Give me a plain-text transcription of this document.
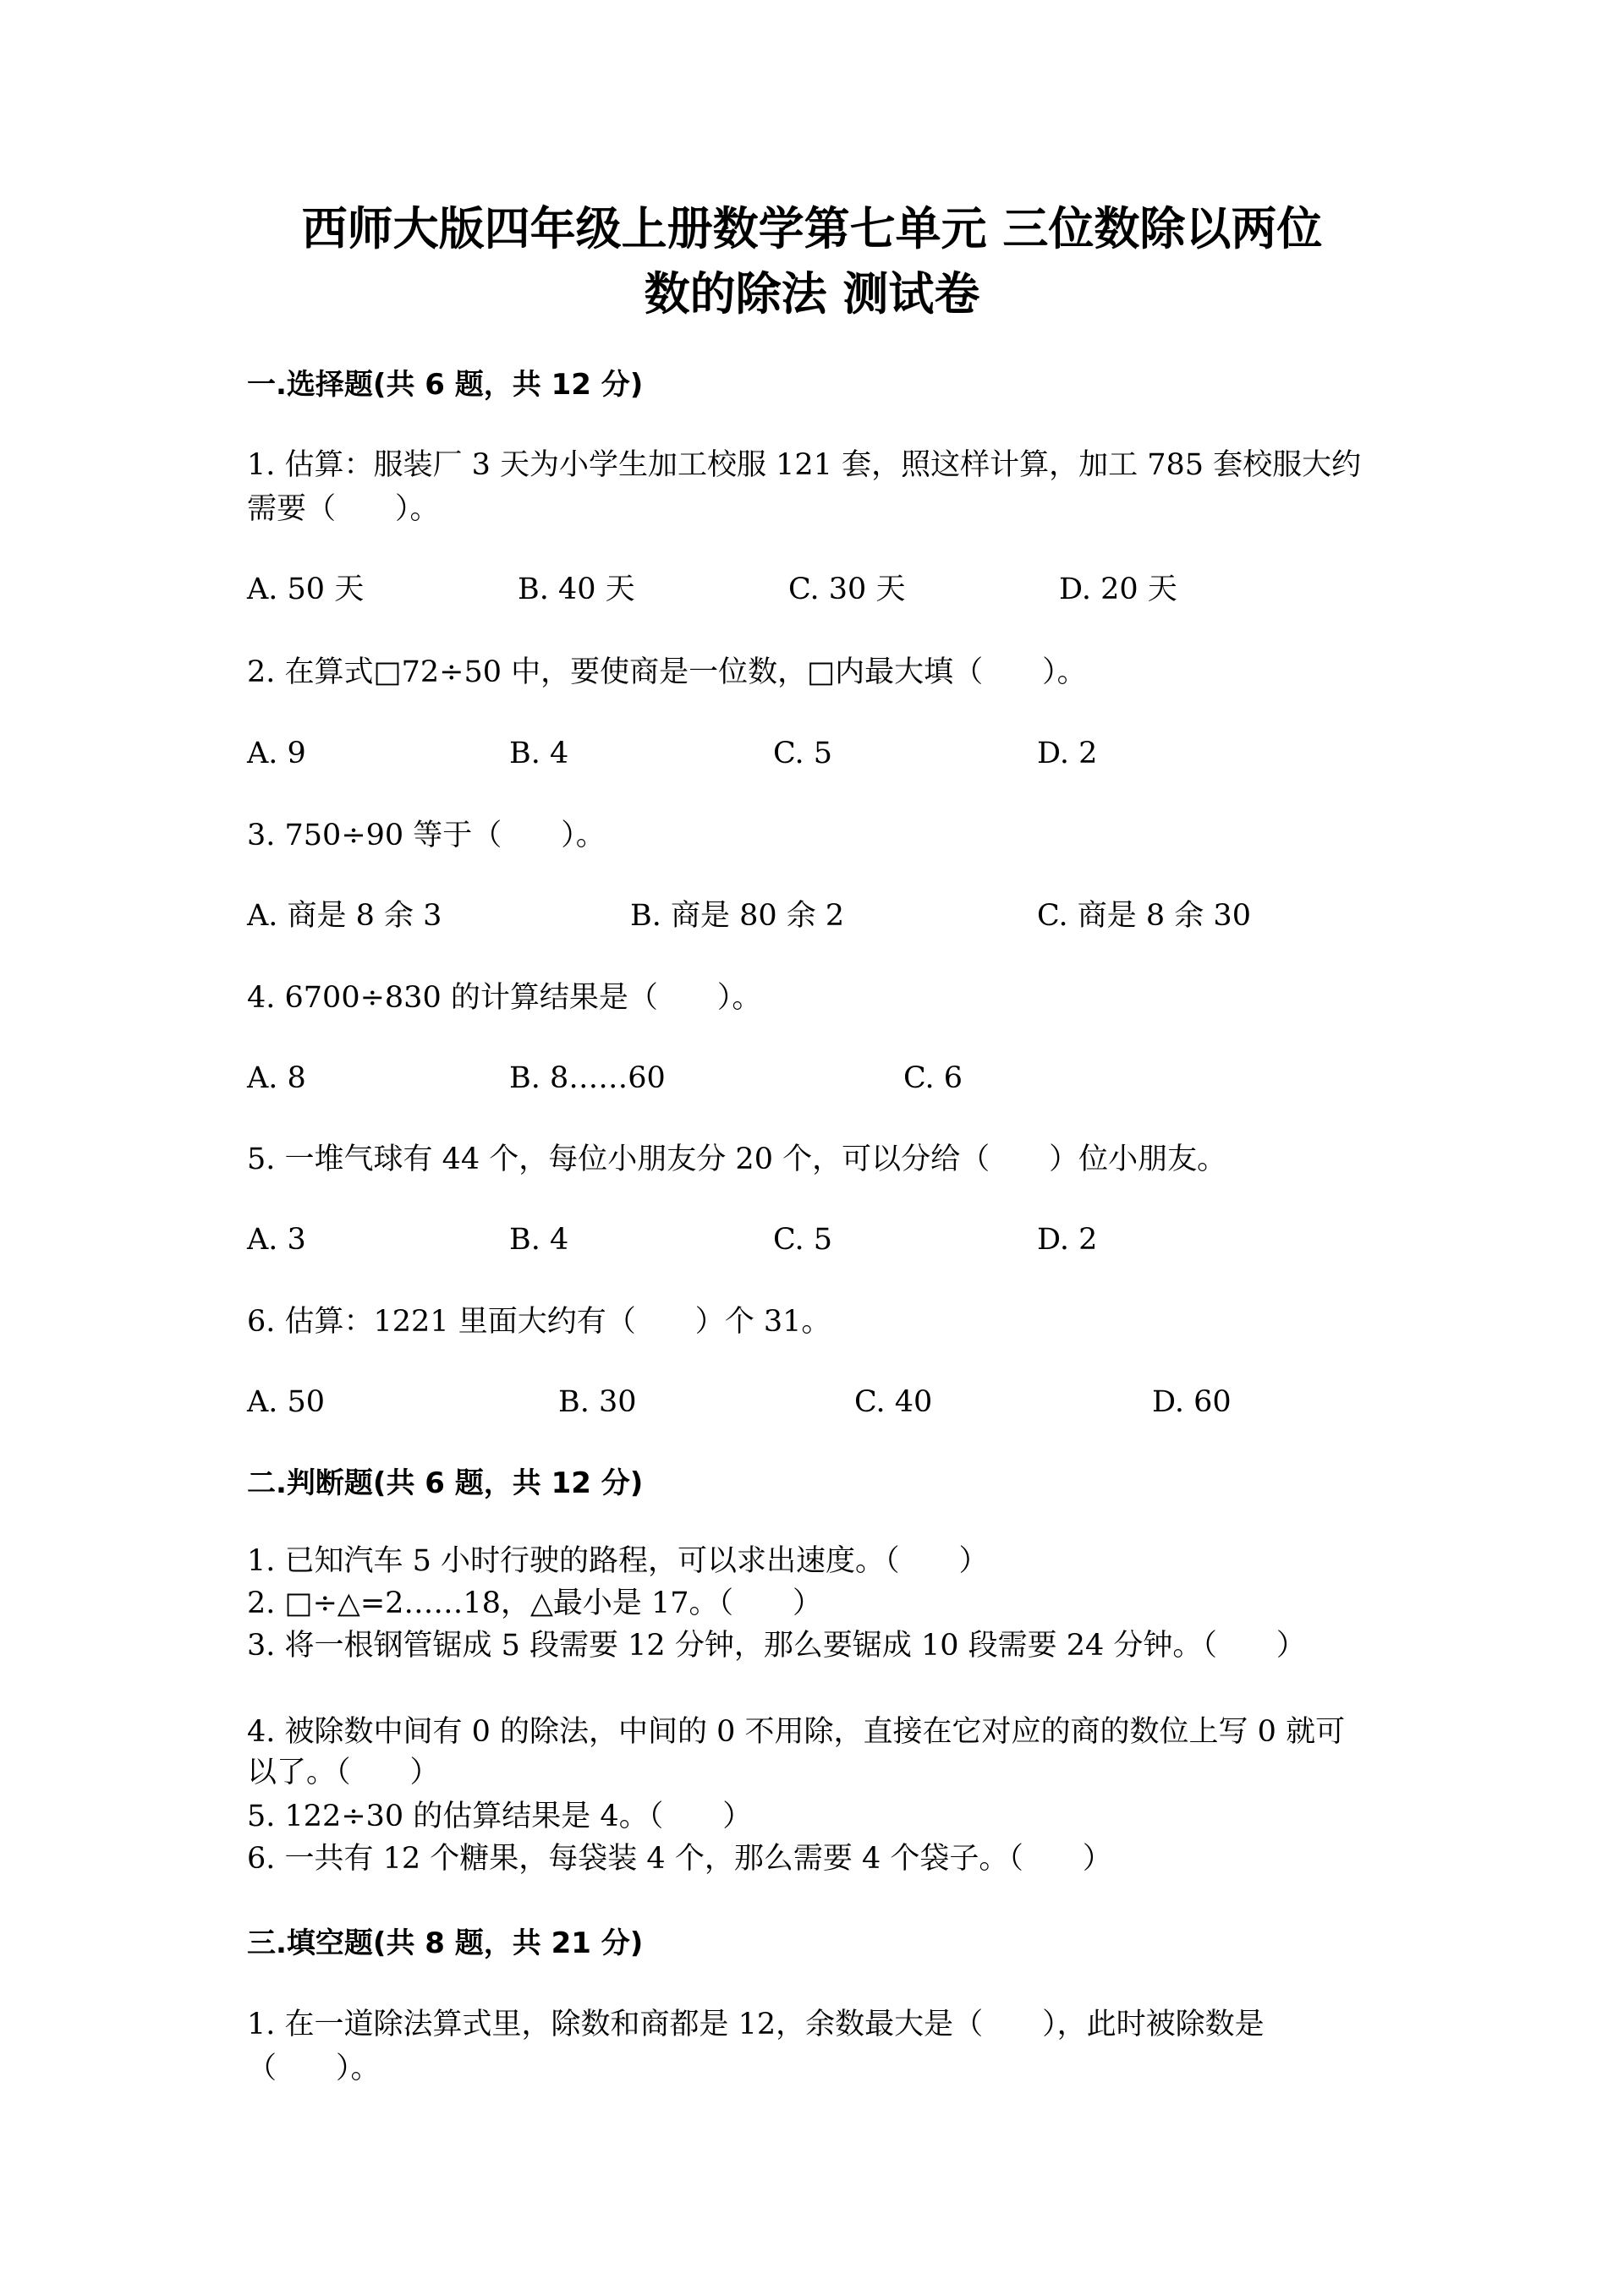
西师大版四年级上册数学第七单元 三位数除以两位
数的除法 测试卷
一.选择题(共 6 题，共 12 分)
1. 估算：服装厂 3 天为小学生加工校服 121 套，照这样计算，加工 785 套校服大约需要（　　）。
A. 50 天	B. 40 天	C. 30 天	D. 20 天
2. 在算式□72÷50 中，要使商是一位数，□内最大填（　　）。
A. 9	B. 4	C. 5	D. 2
3. 750÷90 等于（　　）。
A. 商是 8 余 3	B. 商是 80 余 2	C. 商是 8 余 30
4. 6700÷830 的计算结果是（　　）。
A. 8	B. 8……60	C. 6
5. 一堆气球有 44 个，每位小朋友分 20 个，可以分给（　　）位小朋友。
A. 3	B. 4	C. 5	D. 2
6. 估算：1221 里面大约有（　　）个 31。
A. 50	B. 30	C. 40	D. 60
二.判断题(共 6 题，共 12 分)
1. 已知汽车 5 小时行驶的路程，可以求出速度。（　　）
2. □÷△=2……18，△最小是 17。（　　）
3. 将一根钢管锯成 5 段需要 12 分钟，那么要锯成 10 段需要 24 分钟。（　　）
4. 被除数中间有 0 的除法，中间的 0 不用除，直接在它对应的商的数位上写 0 就可以了。（　　）
5. 122÷30 的估算结果是 4。（　　）
6. 一共有 12 个糖果，每袋装 4 个，那么需要 4 个袋子。（　　）
三.填空题(共 8 题，共 21 分)
1. 在一道除法算式里，除数和商都是 12，余数最大是（　　），此时被除数是（　　）。
